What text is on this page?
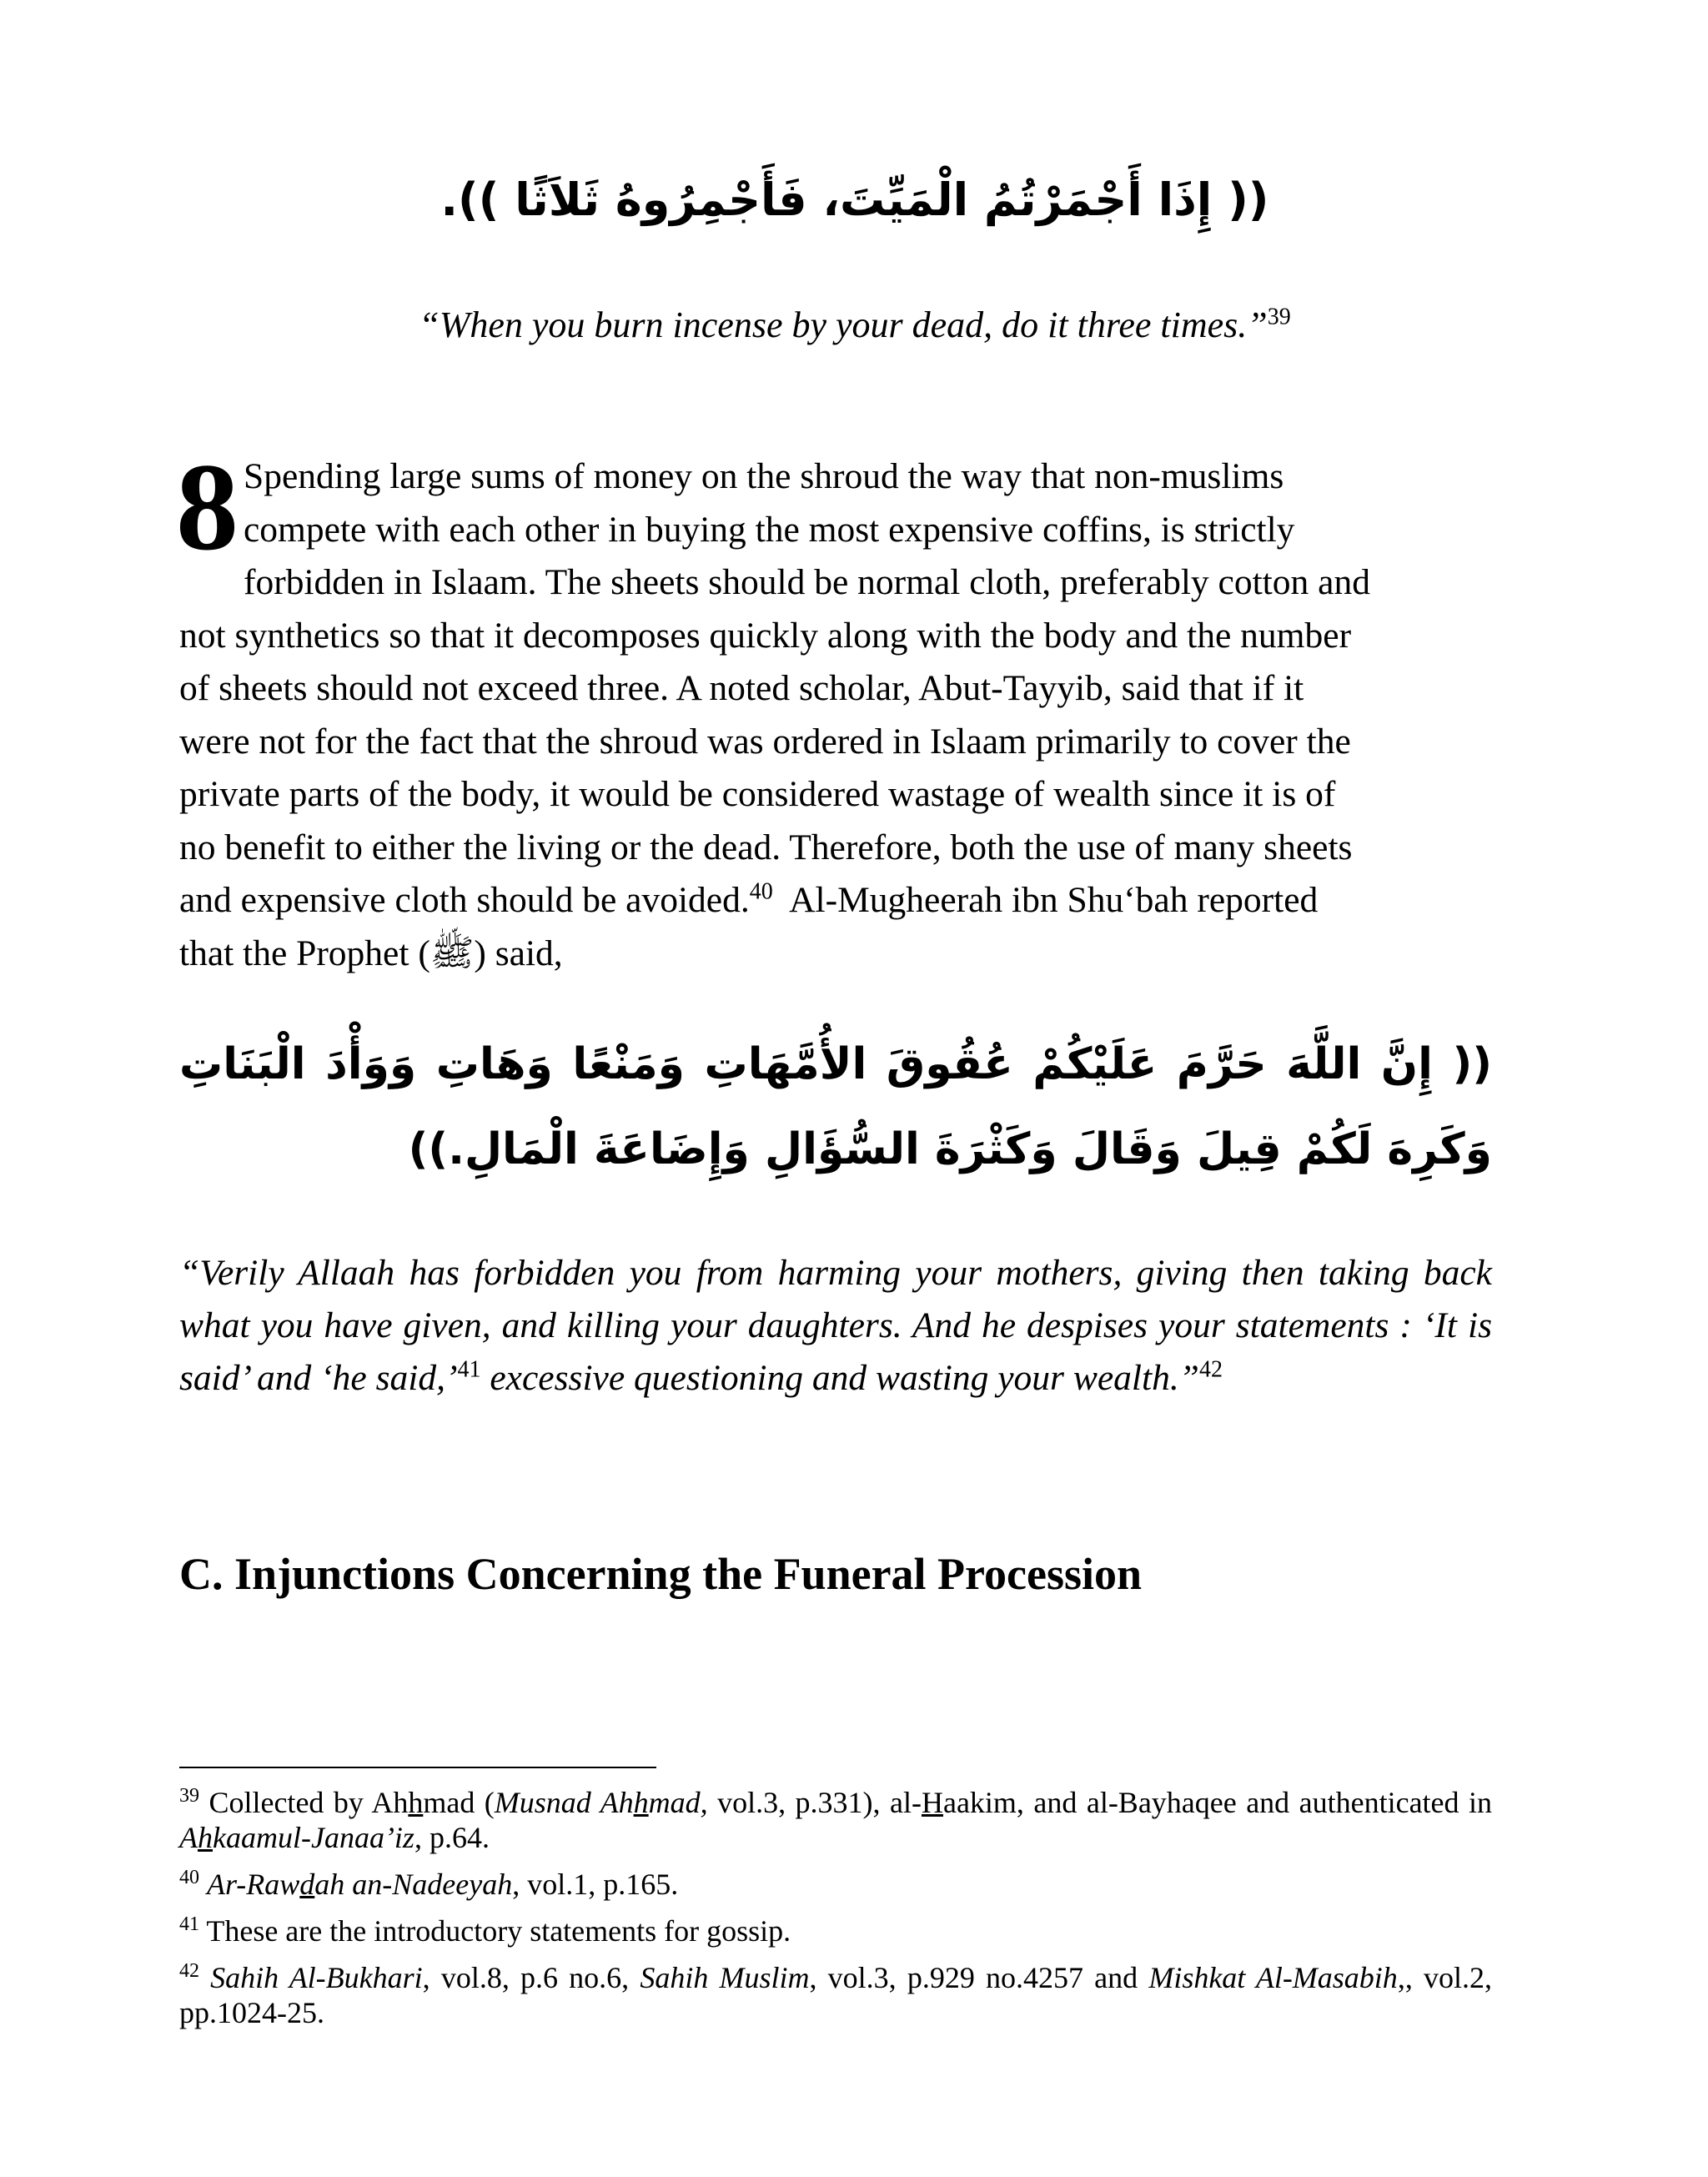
(( إِذَا أَجْمَرْتُمُ الْمَيِّتَ، فَأَجْمِرُوهُ ثَلاَثًا )).
“When you burn incense by your dead, do it three times.”$^{39}$
8 Spending large sums of money on the shroud the way that non-muslims
compete with each other in buying the most expensive coffins, is strictly
forbidden in Islaam. The sheets should be normal cloth, preferably cotton and
not synthetics so that it decomposes quickly along with the body and the number
of sheets should not exceed three. A noted scholar, Abut-Tayyib, said that if it
were not for the fact that the shroud was ordered in Islaam primarily to cover the
private parts of the body, it would be considered wastage of wealth since it is of
no benefit to either the living or the dead. Therefore, both the use of many sheets
and expensive cloth should be avoided.$^{40}$  Al-Mugheerah ibn Shu‘bah reported
that the Prophet (ﷺ) said,
(( إِنَّ اللَّهَ حَرَّمَ عَلَيْكُمْ عُقُوقَ الأُمَّهَاتِ وَمَنْعًا وَهَاتِ وَوَأْدَ الْبَنَاتِ وَكَرِهَ لَكُمْ قِيلَ وَقَالَ وَكَثْرَةَ السُّؤَالِ وَإِضَاعَةَ الْمَالِ.))
“Verily Allaah has forbidden you from harming your mothers, giving then taking back what you have given, and killing your daughters. And he despises your statements : ‘It is said’ and ‘he said,’$^{41}$ excessive questioning and wasting your wealth.”$^{42}$
C. Injunctions Concerning the Funeral Procession

$^{39}$ Collected by Ahhmad (Musnad Ahhmad, vol.3, p.331), al-Haakim, and al-Bayhaqee and authenticated in Ahkaamul-Janaa’iz, p.64.

$^{40}$ Ar-Rawdah an-Nadeeyah, vol.1, p.165.

$^{41}$ These are the introductory statements for gossip.

$^{42}$ Sahih Al-Bukhari, vol.8, p.6 no.6, Sahih Muslim, vol.3, p.929 no.4257 and Mishkat Al-Masabih,, vol.2, pp.1024-25.
